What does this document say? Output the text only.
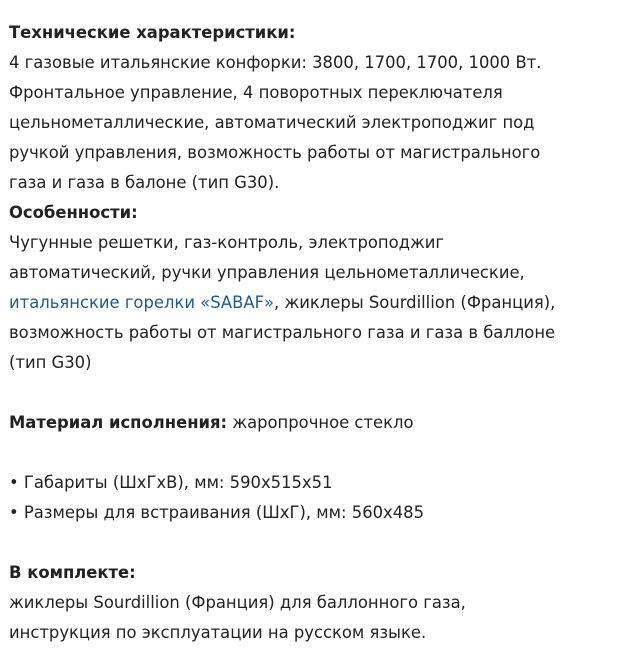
Технические характеристики:
4 газовые итальянские конфорки: 3800, 1700, 1700, 1000 Вт.
Фронтальное управление, 4 поворотных переключателя
цельнометаллические, автоматический электроподжиг под
ручкой управления, возможность работы от магистрального
газа и газа в балоне (тип G30).
Особенности:
Чугунные решетки, газ-контроль, электроподжиг
автоматический, ручки управления цельнометаллические,
итальянские горелки «SABAF», жиклеры Sourdillion (Франция),
возможность работы от магистрального газа и газа в баллоне
(тип G30)
Материал исполнения: жаропрочное стекло
• Габариты (ШхГхВ), мм: 590х515х51
• Размеры для встраивания (ШхГ), мм: 560х485
В комплекте:
жиклеры Sourdillion (Франция) для баллонного газа,
инструкция по эксплуатации на русском языке.
